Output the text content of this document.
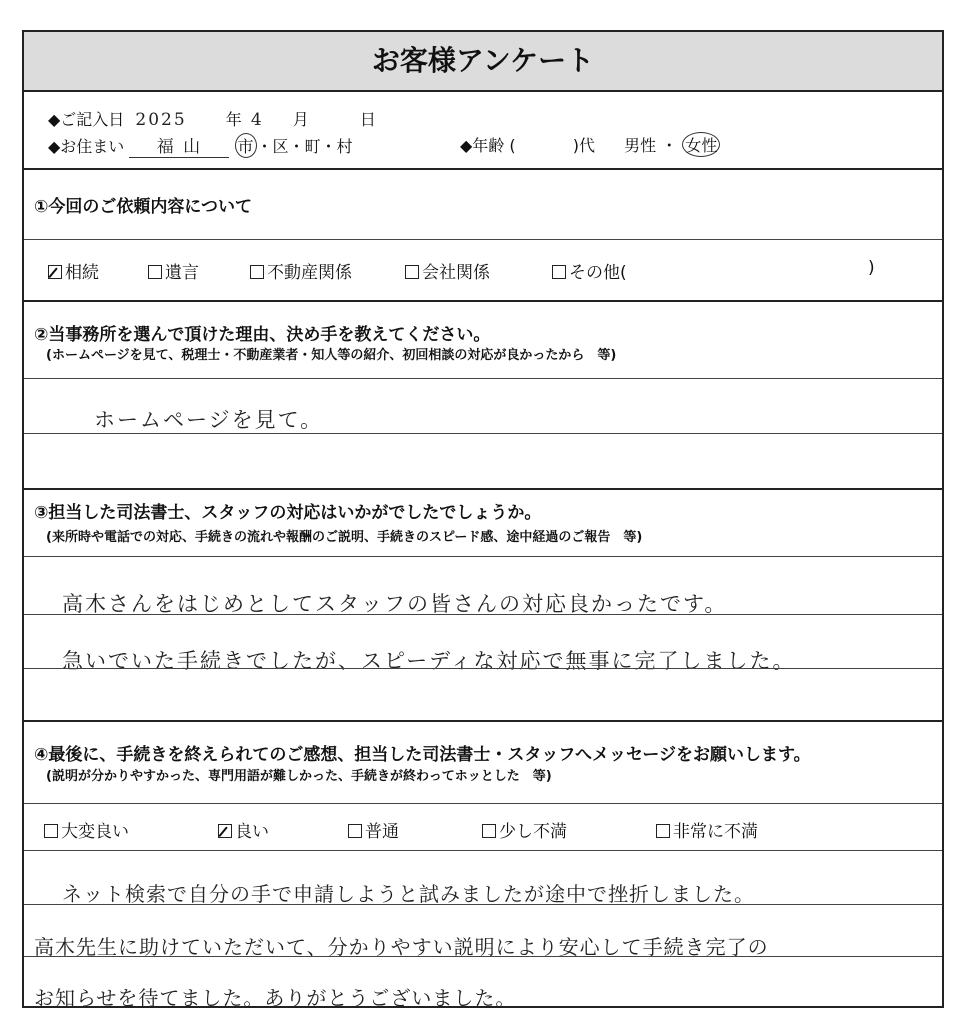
お客様アンケート
◆ご記入日 2025 年 4 月	日
◆お住まい 福 山 市 ・区・町・村	◆年齢 (	)代 男性 ・ 女性
①今回のご依頼内容について
相続	遺言	不動産関係	会社関係	その他(	)
②当事務所を選んで頂けた理由、決め手を教えてください。
(ホームページを見て、税理士・不動産業者・知人等の紹介、初回相談の対応が良かったから　等)
ホームページを見て。
③担当した司法書士、スタッフの対応はいかがでしたでしょうか。
(来所時や電話での対応、手続きの流れや報酬のご説明、手続きのスピード感、途中経過のご報告　等)
高木さんをはじめとしてスタッフの皆さんの対応良かったです。
急いでいた手続きでしたが、スピーディな対応で無事に完了しました。
④最後に、手続きを終えられてのご感想、担当した司法書士・スタッフへメッセージをお願いします。
(説明が分かりやすかった、専門用語が難しかった、手続きが終わってホッとした　等)
大変良い	良い	普通	少し不満	非常に不満
ネット検索で自分の手で申請しようと試みましたが途中で挫折しました。
高木先生に助けていただいて、分かりやすい説明により安心して手続き完了の
お知らせを待てました。ありがとうございました。
